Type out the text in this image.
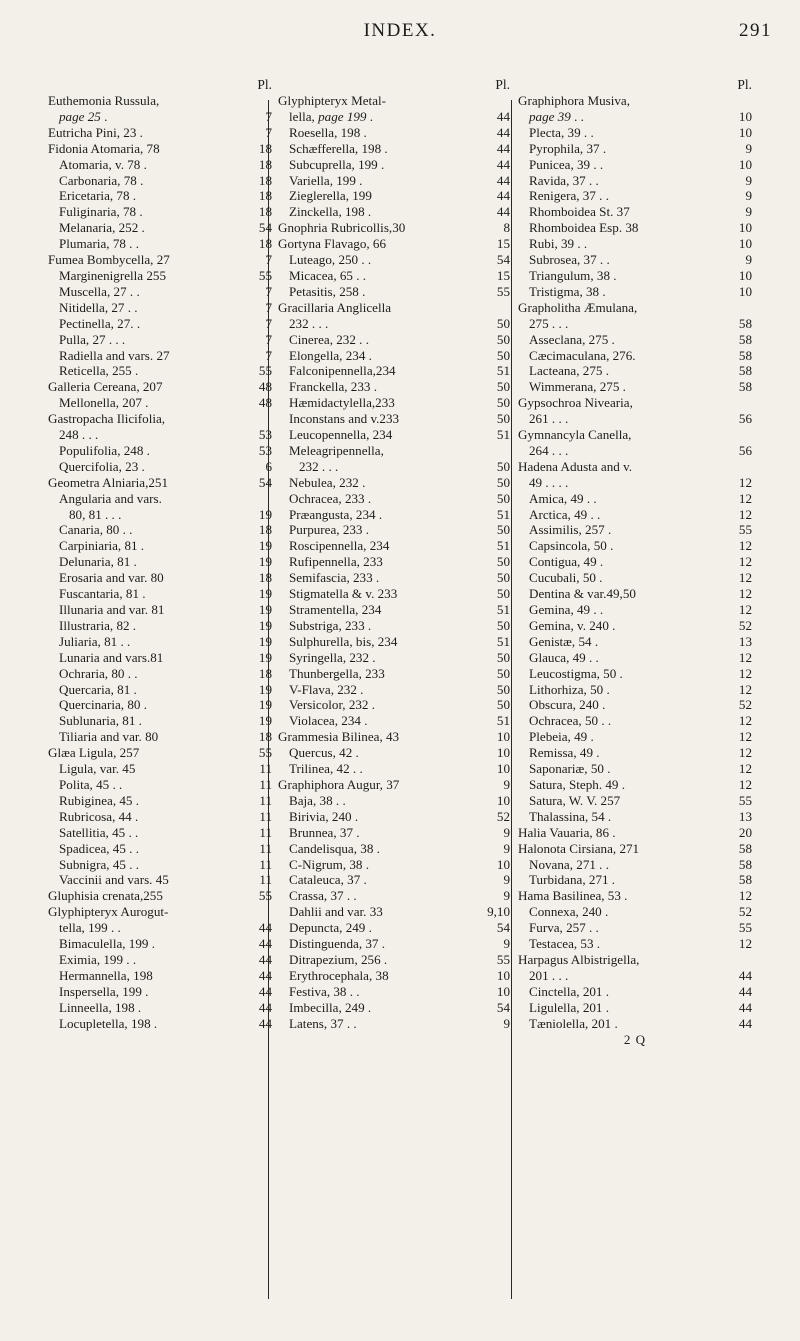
INDEX.	291
Pl.
Euthemonia Russula,
page 25 .	7
Eutricha Pini, 23 .	7
Fidonia Atomaria, 78	18
Atomaria, v. 78 .	18
Carbonaria, 78 .	18
Ericetaria, 78 .	18
Fuliginaria, 78 .	18
Melanaria, 252 .	54
Plumaria, 78 . .	18
Fumea Bombycella, 27	7
Marginenigrella 255	55
Muscella, 27 . .	7
Nitidella, 27 . .	7
Pectinella, 27. .	7
Pulla, 27 . . .	7
Radiella and vars. 27	7
Reticella, 255 .	55
Galleria Cereana, 207	48
Mellonella, 207 .	48
Gastropacha Ilicifolia,
248 . . .	53
Populifolia, 248 .	53
Quercifolia, 23 .	6
Geometra Alniaria,251	54
Angularia and vars.
80, 81 . . .	19
Canaria, 80 . .	18
Carpiniaria, 81 .	19
Delunaria, 81 .	19
Erosaria and var. 80	18
Fuscantaria, 81 .	19
Illunaria and var. 81	19
Illustraria, 82 .	19
Juliaria, 81 . .	19
Lunaria and vars.81	19
Ochraria, 80 . .	18
Quercaria, 81 .	19
Quercinaria, 80 .	19
Sublunaria, 81 .	19
Tiliaria and var. 80	18
Glæa Ligula, 257	55
Ligula, var. 45	11
Polita, 45 . .	11
Rubiginea, 45 .	11
Rubricosa, 44 .	11
Satellitia, 45 . .	11
Spadicea, 45 . .	11
Subnigra, 45 . .	11
Vaccinii and vars. 45	11
Gluphisia crenata,255	55
Glyphipteryx Aurogut-
tella, 199 . .	44
Bimaculella, 199 .	44
Eximia, 199 . .	44
Hermannella, 198	44
Inspersella, 199 .	44
Linneella, 198 .	44
Locupletella, 198 .	44
Pl.
Glyphipteryx Metal-
lella, page 199 .	44
Roesella, 198 .	44
Schæfferella, 198 .	44
Subcuprella, 199 .	44
Variella, 199 .	44
Zieglerella, 199	44
Zinckella, 198 .	44
Gnophria Rubricollis,30	8
Gortyna Flavago, 66	15
Luteago, 250 . .	54
Micacea, 65 . .	15
Petasitis, 258 .	55
Gracillaria Anglicella
232 . . .	50
Cinerea, 232 . .	50
Elongella, 234 .	50
Falconipennella,234	51
Franckella, 233 .	50
Hæmidactylella,233	50
Inconstans and v.233	50
Leucopennella, 234	51
Meleagripennella,
232 . . .	50
Nebulea, 232 .	50
Ochracea, 233 .	50
Præangusta, 234 .	51
Purpurea, 233 .	50
Roscipennella, 234	51
Rufipennella, 233	50
Semifascia, 233 .	50
Stigmatella & v. 233	50
Stramentella, 234	51
Substriga, 233 .	50
Sulphurella, bis, 234	51
Syringella, 232 .	50
Thunbergella, 233	50
V-Flava, 232 .	50
Versicolor, 232 .	50
Violacea, 234 .	51
Grammesia Bilinea, 43	10
Quercus, 42 .	10
Trilinea, 42 . .	10
Graphiphora Augur, 37	9
Baja, 38 . .	10
Birivia, 240 .	52
Brunnea, 37 .	9
Candelisqua, 38 .	9
C-Nigrum, 38 .	10
Cataleuca, 37 .	9
Crassa, 37 . .	9
Dahlii and var. 33	9,10
Depuncta, 249 .	54
Distinguenda, 37 .	9
Ditrapezium, 256 .	55
Erythrocephala, 38	10
Festiva, 38 . .	10
Imbecilla, 249 .	54
Latens, 37 . .	9
Pl.
Graphiphora Musiva,
page 39 . .	10
Plecta, 39 . .	10
Pyrophila, 37 .	9
Punicea, 39 . .	10
Ravida, 37 . .	9
Renigera, 37 . .	9
Rhomboidea St. 37	9
Rhomboidea Esp. 38	10
Rubi, 39 . .	10
Subrosea, 37 . .	9
Triangulum, 38 .	10
Tristigma, 38 .	10
Grapholitha Æmulana,
275 . . .	58
Asseclana, 275 .	58
Cæcimaculana, 276.	58
Lacteana, 275 .	58
Wimmerana, 275 .	58
Gypsochroa Nivearia,
261 . . .	56
Gymnancyla Canella,
264 . . .	56
Hadena Adusta and v.
49 . . . .	12
Amica, 49 . .	12
Arctica, 49 . .	12
Assimilis, 257 .	55
Capsincola, 50 .	12
Contigua, 49 .	12
Cucubali, 50 .	12
Dentina & var.49,50	12
Gemina, 49 . .	12
Gemina, v. 240 .	52
Genistæ, 54 .	13
Glauca, 49 . .	12
Leucostigma, 50 .	12
Lithorhiza, 50 .	12
Obscura, 240 .	52
Ochracea, 50 . .	12
Plebeia, 49 .	12
Remissa, 49 .	12
Saponariæ, 50 .	12
Satura, Steph. 49 .	12
Satura, W. V. 257	55
Thalassina, 54 .	13
Halia Vauaria, 86 .	20
Halonota Cirsiana, 271	58
Novana, 271 . .	58
Turbidana, 271 .	58
Hama Basilinea, 53 .	12
Connexa, 240 .	52
Furva, 257 . .	55
Testacea, 53 .	12
Harpagus Albistrigella,
201 . . .	44
Cinctella, 201 .	44
Ligulella, 201 .	44
Tæniolella, 201 .	44
2 Q
